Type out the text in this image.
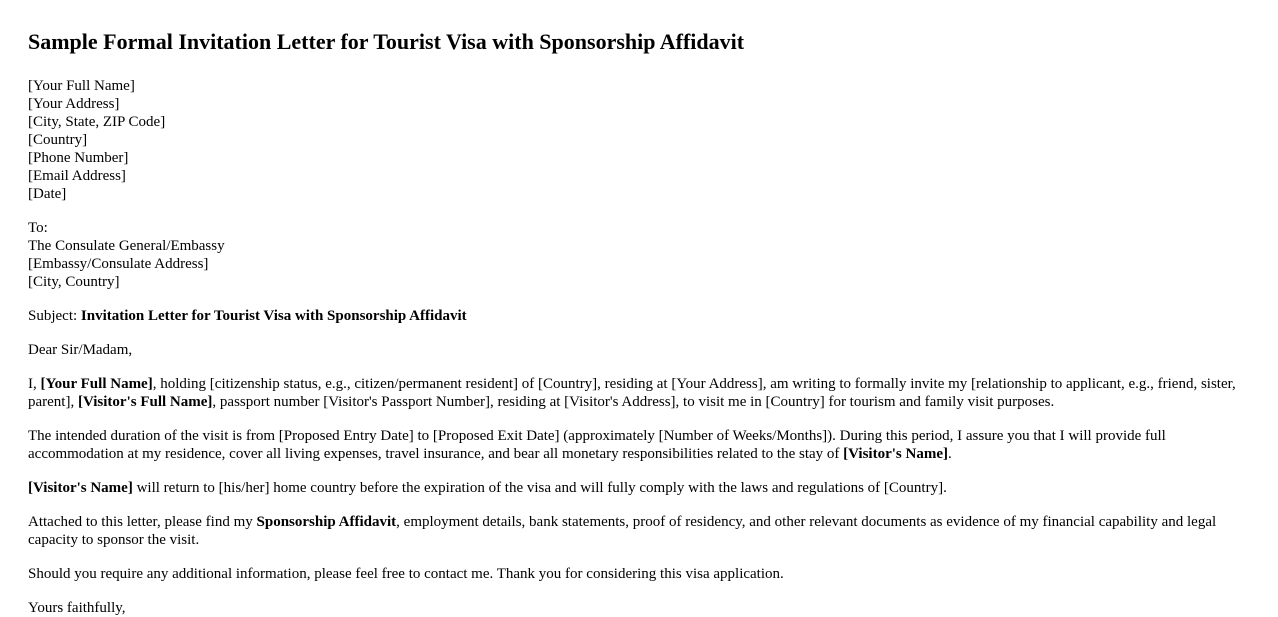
Sample Formal Invitation Letter for Tourist Visa with Sponsorship Affidavit
[Your Full Name]
[Your Address]
[City, State, ZIP Code]
[Country]
[Phone Number]
[Email Address]
[Date]
To:
The Consulate General/Embassy
[Embassy/Consulate Address]
[City, Country]

Subject: Invitation Letter for Tourist Visa with Sponsorship Affidavit

Dear Sir/Madam,

I, [Your Full Name], holding [citizenship status, e.g., citizen/permanent resident] of [Country], residing at [Your Address], am writing to formally invite my [relationship to applicant, e.g., friend, sister, parent], [Visitor's Full Name], passport number [Visitor's Passport Number], residing at [Visitor's Address], to visit me in [Country] for tourism and family visit purposes.

The intended duration of the visit is from [Proposed Entry Date] to [Proposed Exit Date] (approximately [Number of Weeks/Months]). During this period, I assure you that I will provide full accommodation at my residence, cover all living expenses, travel insurance, and bear all monetary responsibilities related to the stay of [Visitor's Name].

[Visitor's Name] will return to [his/her] home country before the expiration of the visa and will fully comply with the laws and regulations of [Country].

Attached to this letter, please find my Sponsorship Affidavit, employment details, bank statements, proof of residency, and other relevant documents as evidence of my financial capability and legal capacity to sponsor the visit.

Should you require any additional information, please feel free to contact me. Thank you for considering this visa application.

Yours faithfully,
